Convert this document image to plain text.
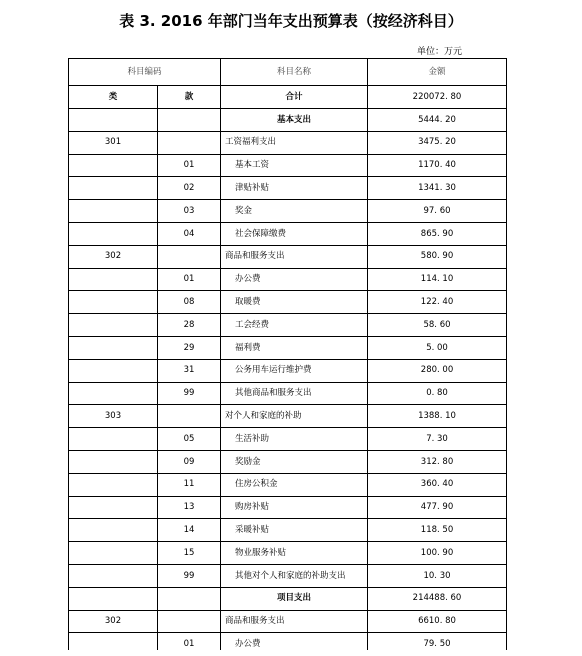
表 3. 2016 年部门当年支出预算表（按经济科目）
单位：万元
科目编码		科目名称	金额
类	款	合计	220072. 80
		基本支出	5444. 20
301		工资福利支出	3475. 20
	01	基本工资	1170. 40
	02	津贴补贴	1341. 30
	03	奖金	97. 60
	04	社会保障缴费	865. 90
302		商品和服务支出	580. 90
	01	办公费	114. 10
	08	取暖费	122. 40
	28	工会经费	58. 60
	29	福利费	5. 00
	31	公务用车运行维护费	280. 00
	99	其他商品和服务支出	0. 80
303		对个人和家庭的补助	1388. 10
	05	生活补助	7. 30
	09	奖励金	312. 80
	11	住房公积金	360. 40
	13	购房补贴	477. 90
	14	采暖补贴	118. 50
	15	物业服务补贴	100. 90
	99	其他对个人和家庭的补助支出	10. 30
		项目支出	214488. 60
302		商品和服务支出	6610. 80
	01	办公费	79. 50
